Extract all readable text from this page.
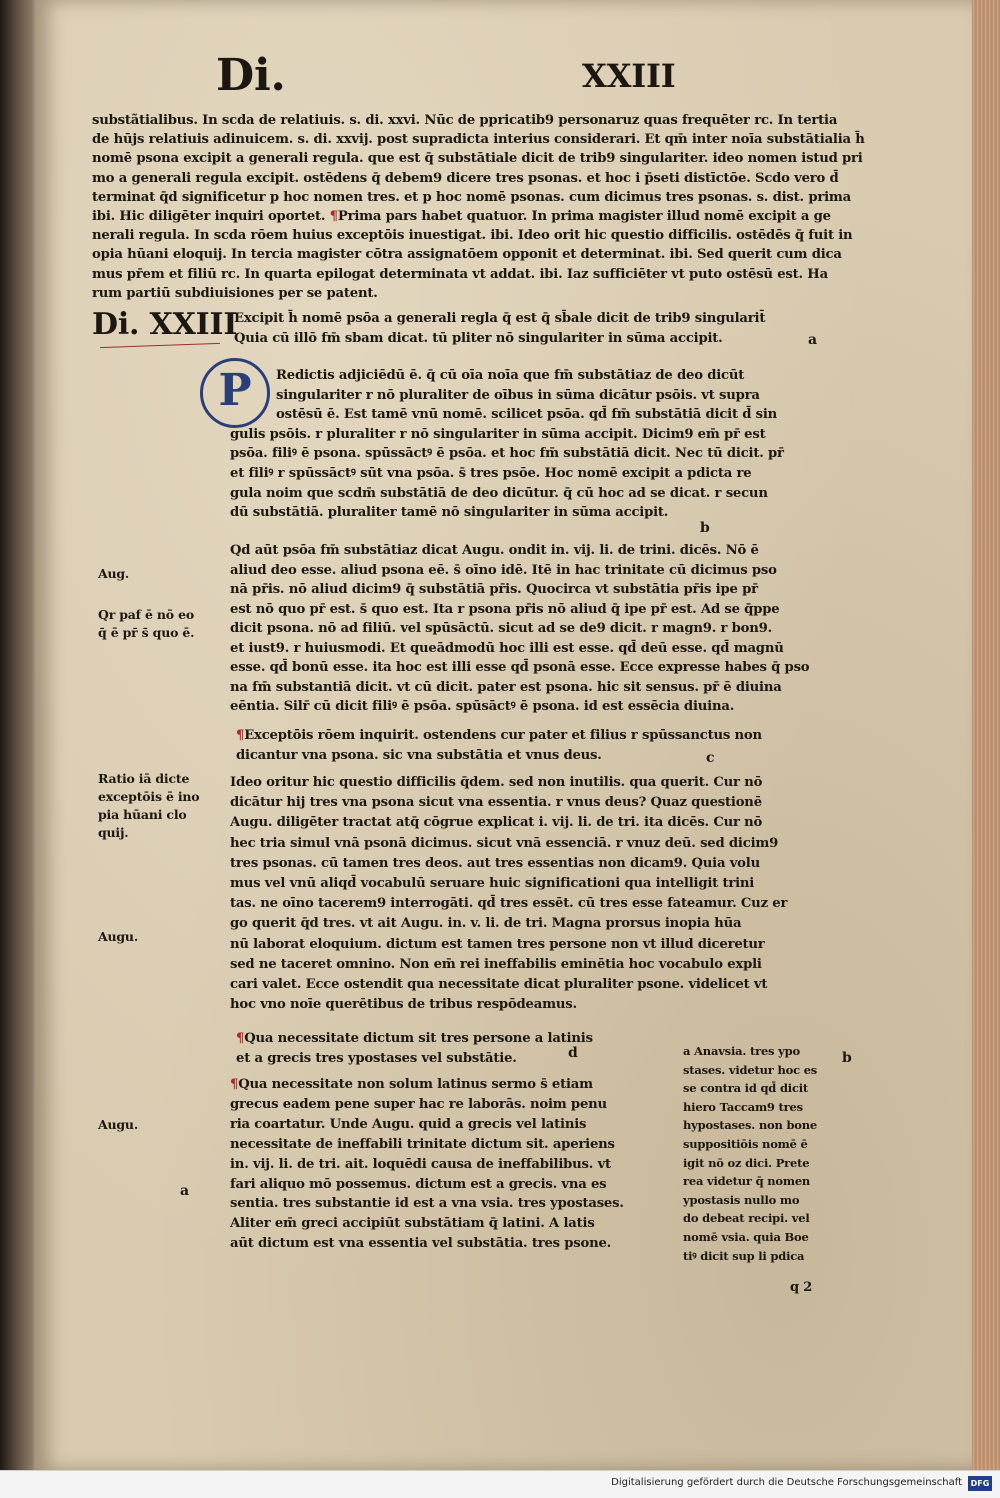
Di.	XXIII
substãtialibus. In scda de relatiuis. s. di. xxvi. Nūc de ppricatib9 personaruz quas frequēter rc. In tertia
de hūjs relatiuis adinuicem. s. di. xxvij. post supradicta interius considerari. Et qm̄ inter noīa substātialia h̄
nomē psona excipit a generali regula. que est q̄ substātiale dicit de trib9 singulariter. ideo nomen istud pri
mo a generali regula excipit. ostēdens q̄ debem9 dicere tres psonas. et hoc i p̄seti distīctōe. Scdo vero d̄
terminat q̄d significetur p hoc nomen tres. et p hoc nomē psonas. cum dicimus tres psonas. s. dist. prima
ibi. Hic diligēter inquiri oportet. ¶Prima pars habet quatuor. In prima magister illud nomē excipit a ge
nerali regula. In scda rōem huius exceptōis inuestigat. ibi. Ideo orit hic questio difficilis. ostēdēs q̄ fuit in
opia hūani eloquij. In tercia magister cōtra assignatōem opponit et determinat. ibi. Sed querit cum dica
mus pr̄em et filiū rc. In quarta epilogat determinata vt addat. ibi. Iaz sufficiēter vt puto ostēsū est. Ha
rum partiū subdiuisiones per se patent.
Di. XXIII
Excipit h̄ nomē psōa a generali regla q̄ est q̄ sb̄ale dicit de trib9 singularit̄
Quia cū illō fm̄ sbam dicat. tū pliter nō singulariter in sūma accipit.	a
P	Redictis adjiciēdū ē. q̄ cū oīa noīa que fm̄ substātiaz de deo dicūt
singulariter r nō pluraliter de oībus in sūma dicātur psōis. vt supra
ostēsū ē. Est tamē vnū nomē. scilicet psōa. qd̄ fm̄ substātiā dicit d̄ sin
gulis psōis. r pluraliter r nō singulariter in sūma accipit. Dicim9 em̄ pr̄ est
psōa. filiꝰ ē psona. spūssāctꝰ ē psōa. et hoc fm̄ substātiā dicit. Nec tū dicit. pr̄
et filiꝰ r spūssāctꝰ sūt vna psōa. s̄ tres psōe. Hoc nomē excipit a pdicta re
gula noim que scdm̄ substātiā de deo dicūtur. q̄ cū hoc ad se dicat. r secun
dū substātiā. pluraliter tamē nō singulariter in sūma accipit.
b
Qd aūt psōa fm̄ substātiaz dicat Augu. ondit in. vij. li. de trini. dicēs. Nō ē
aliud deo esse. aliud psona eē. s̄ oīno idē. Itē in hac trinitate cū dicimus pso
nā pr̄is. nō aliud dicim9 q̄ substātiā pr̄is. Quocirca vt substātia pr̄is ipe pr̄
est nō quo pr̄ est. s̄ quo est. Ita r psona pr̄is nō aliud q̄ ipe pr̄ est. Ad se q̄ppe
dicit psona. nō ad filiū. vel spūsāctū. sicut ad se de9 dicit. r magn9. r bon9.
et iust9. r huiusmodi. Et queādmodū hoc illi est esse. qd̄ deū esse. qd̄ magnū
esse. qd̄ bonū esse. ita hoc est illi esse qd̄ psonā esse. Ecce expresse habes q̄ pso
na fm̄ substantiā dicit. vt cū dicit. pater est psona. hic sit sensus. pr̄ ē diuina
eēntia. Silr̄ cū dicit filiꝰ ē psōa. spūsāctꝰ ē psona. id est essēcia diuina.
¶Exceptōis rōem inquirit. ostendens cur pater et filius r spūssanctus non
dicantur vna psona. sic vna substātia et vnus deus.	c
Ideo oritur hic questio difficilis q̄dem. sed non inutilis. qua querit. Cur nō
dicātur hij tres vna psona sicut vna essentia. r vnus deus? Quaz questionē
Augu. diligēter tractat atq̄ cōgrue explicat i. vij. li. de tri. ita dicēs. Cur nō
hec tria simul vnā psonā dicimus. sicut vnā essenciā. r vnuz deū. sed dicim9
tres psonas. cū tamen tres deos. aut tres essentias non dicam9. Quia volu
mus vel vnū aliqd̄ vocabulū seruare huic significationi qua intelligit trini
tas. ne oīno tacerem9 interrogāti. qd̄ tres essēt. cū tres esse fateamur. Cuz er
go querit q̄d tres. vt ait Augu. in. v. li. de tri. Magna prorsus inopia hūa
nū laborat eloquium. dictum est tamen tres persone non vt illud diceretur
sed ne taceret omnino. Non em̄ rei ineffabilis eminētia hoc vocabulo expli
cari valet. Ecce ostendit qua necessitate dicat pluraliter psone. videlicet vt
hoc vno noīe querētibus de tribus respōdeamus.
¶Qua necessitate dictum sit tres persone a latinis
et a grecis tres ypostases vel substātie.	d
¶Qua necessitate non solum latinus sermo s̄ etiam
grecus eadem pene super hac re laborās. noim penu
ria coartatur. Unde Augu. quid a grecis vel latinis
necessitate de ineffabili trinitate dictum sit. aperiens
in. vij. li. de tri. ait. loquēdi causa de ineffabilibus. vt
fari aliquo mō possemus. dictum est a grecis. vna es
sentia. tres substantie id est a vna vsia. tres ypostases.
Aliter em̄ greci accipiūt substātiam q̄ latini. A latis
aūt dictum est vna essentia vel substātia. tres psone.
a Anavsia. tres ypo
stases. videtur hoc es
se contra id qd̄ dicit
hiero Taccam9 tres
hypostases. non bone
suppositiōis nomē ē
igit nō oz dici. Prete
rea videtur q̄ nomen
ypostasis nullo mo
do debeat recipi. vel
nomē vsia. quia Boe
tiꝰ dicit sup li pdica
b
Aug.
Qr paf ē nō eo
q̄ ē pr̄ s̄ quo ē.
Ratio iā dicte
exceptōis ē ino
pia hūani clo
quij.
Augu.
Augu.
a
q 2
Digitalisierung gefördert durch die Deutsche Forschungsgemeinschaft	DFG
